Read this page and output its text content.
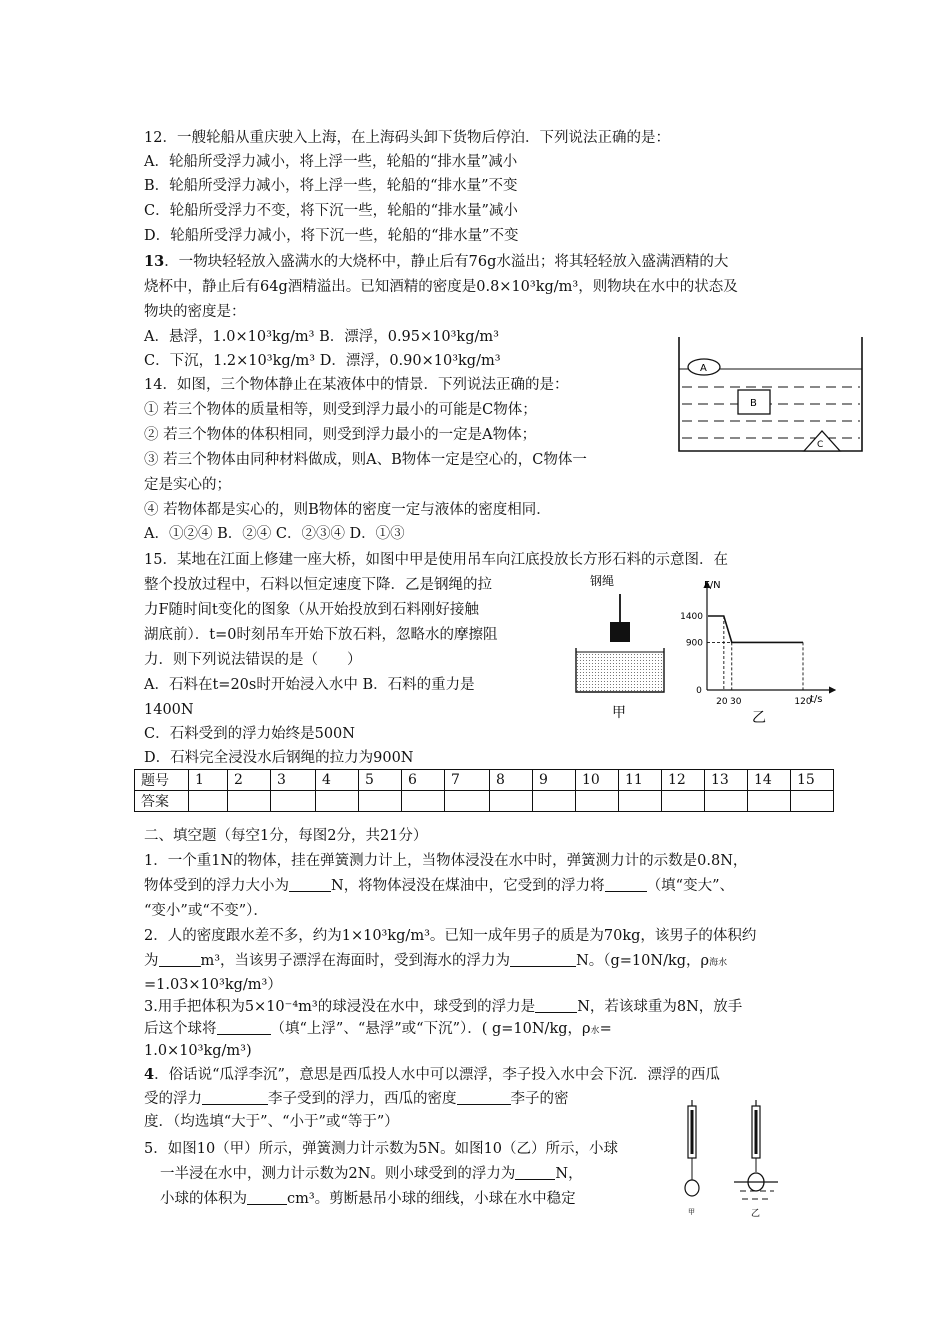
12．一艘轮船从重庆驶入上海，在上海码头卸下货物后停泊．下列说法正确的是：
A．轮船所受浮力减小，将上浮一些，轮船的“排水量”减小
B．轮船所受浮力减小，将上浮一些，轮船的“排水量”不变
C．轮船所受浮力不变，将下沉一些，轮船的“排水量”减小
D．轮船所受浮力减小，将下沉一些，轮船的“排水量”不变
13．一物块轻轻放入盛满水的大烧杯中，静止后有76g水溢出；将其轻轻放入盛满酒精的大
烧杯中，静止后有64g酒精溢出。已知酒精的密度是0.8×10³kg/m³，则物块在水中的状态及
物块的密度是：
A．悬浮，1.0×10³kg/m³ B．漂浮，0.95×10³kg/m³
C．下沉，1.2×10³kg/m³ D．漂浮，0.90×10³kg/m³	A
B
C
14．如图，三个物体静止在某液体中的情景．下列说法正确的是：
① 若三个物体的质量相等，则受到浮力最小的可能是C物体；
② 若三个物体的体积相同，则受到浮力最小的一定是A物体；
③ 若三个物体由同种材料做成，则A、B物体一定是空心的，C物体一
定是实心的；
④ 若物体都是实心的，则B物体的密度一定与液体的密度相同．
A．①②④ B．②④ C．②③④ D．①③
15．某地在江面上修建一座大桥，如图中甲是使用吊车向江底投放长方形石料的示意图．在
整个投放过程中，石料以恒定速度下降．乙是钢绳的拉
力F随时间t变化的图象（从开始投放到石料刚好接触
湖底前）．t=0时刻吊车开始下放石料，忽略水的摩擦阻
力．则下列说法错误的是（　　）
A．石料在t=20s时开始浸入水中 B．石料的重力是
1400N
C．石料受到的浮力始终是500N
D．石料完全浸没水后钢绳的拉力为900N
钢绳
甲
F/N
t/s
乙
900
1400
0
20 30	120
题号	1	2	3	4	5	6	7	8	9	10	11	12	13	14	15
答案															
二、填空题（每空1分，每图2分，共21分）
1．一个重1N的物体，挂在弹簧测力计上，当物体浸没在水中时，弹簧测力计的示数是0.8N，
物体受到的浮力大小为	N，将物体浸没在煤油中，它受到的浮力将	（填“变大”、
“变小”或“不变”）．
2．人的密度跟水差不多，约为1×10³kg/m³。已知一成年男子的质是为70kg，该男子的体积约
为	m³，当该男子漂浮在海面时，受到海水的浮力为	N。（g=10N/kg，ρ海水
=1.03×10³kg/m³）
3.用手把体积为5×10⁻⁴m³的球浸没在水中，球受到的浮力是	N，若该球重为8N，放手
后这个球将	（填“上浮”、“悬浮”或“下沉”）．( g=10N/kg，ρ水=
1.0×10³kg/m³)
4．俗话说“瓜浮李沉”，意思是西瓜投人水中可以漂浮，李子投入水中会下沉．漂浮的西瓜
受的浮力	李子受到的浮力，西瓜的密度	李子的密
度．（均选填“大于”、“小于”或“等于”）
5．如图10（甲）所示，弹簧测力计示数为5N。如图10（乙）所示，小球
一半浸在水中，测力计示数为2N。则小球受到的浮力为	N，
小球的体积为	cm³。剪断悬吊小球的细线，小球在水中稳定
甲	乙
